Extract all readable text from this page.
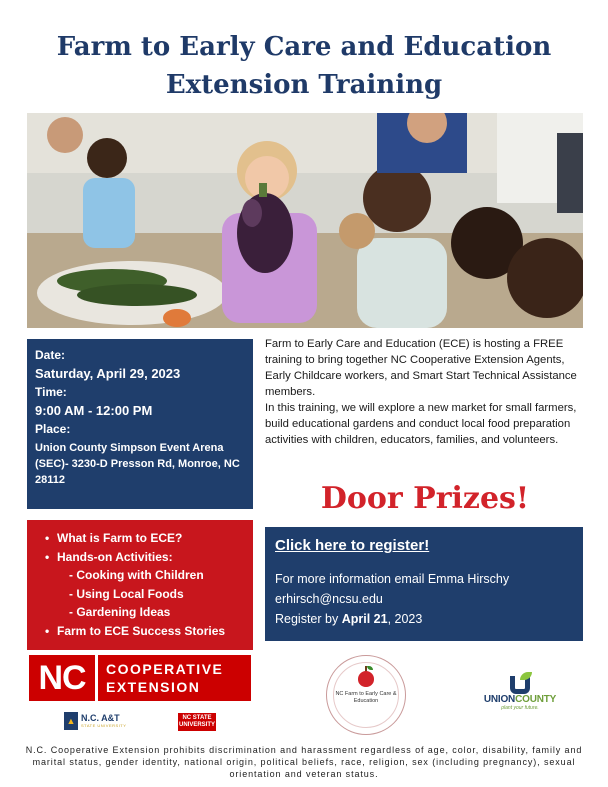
Farm to Early Care and Education
Extension Training
Date:
Saturday, April 29, 2023
Time:
9:00 AM - 12:00 PM
Place:
Union County Simpson Event Arena (SEC)- 3230-D Presson Rd, Monroe, NC 28112

Farm to Early Care and Education (ECE) is hosting a FREE training to bring together NC Cooperative Extension Agents, Early Childcare workers, and Smart Start Technical Assistance members.

In this training, we will explore a new market for small farmers, build educational gardens and conduct local food preparation activities with children, educators, families, and volunteers.

Door Prizes!
• What is Farm to ECE?
• Hands-on Activities:
- Cooking with Children
- Using Local Foods
- Gardening Ideas
• Farm to ECE Success Stories
Click here to register!
For more information email Emma Hirschy
erhirsch@ncsu.edu
Register by April 21, 2023
NC	COOPERATIVE
EXTENSION
▲ N.C. A&T
STATE UNIVERSITY
NC STATE
UNIVERSITY
NC Farm to Early Care & Education	UNIONCOUNTY
plant your future.
N.C. Cooperative Extension prohibits discrimination and harassment regardless of age, color, disability, family and marital status, gender identity, national origin, political beliefs, race, religion, sex (including pregnancy), sexual orientation and veteran status.
